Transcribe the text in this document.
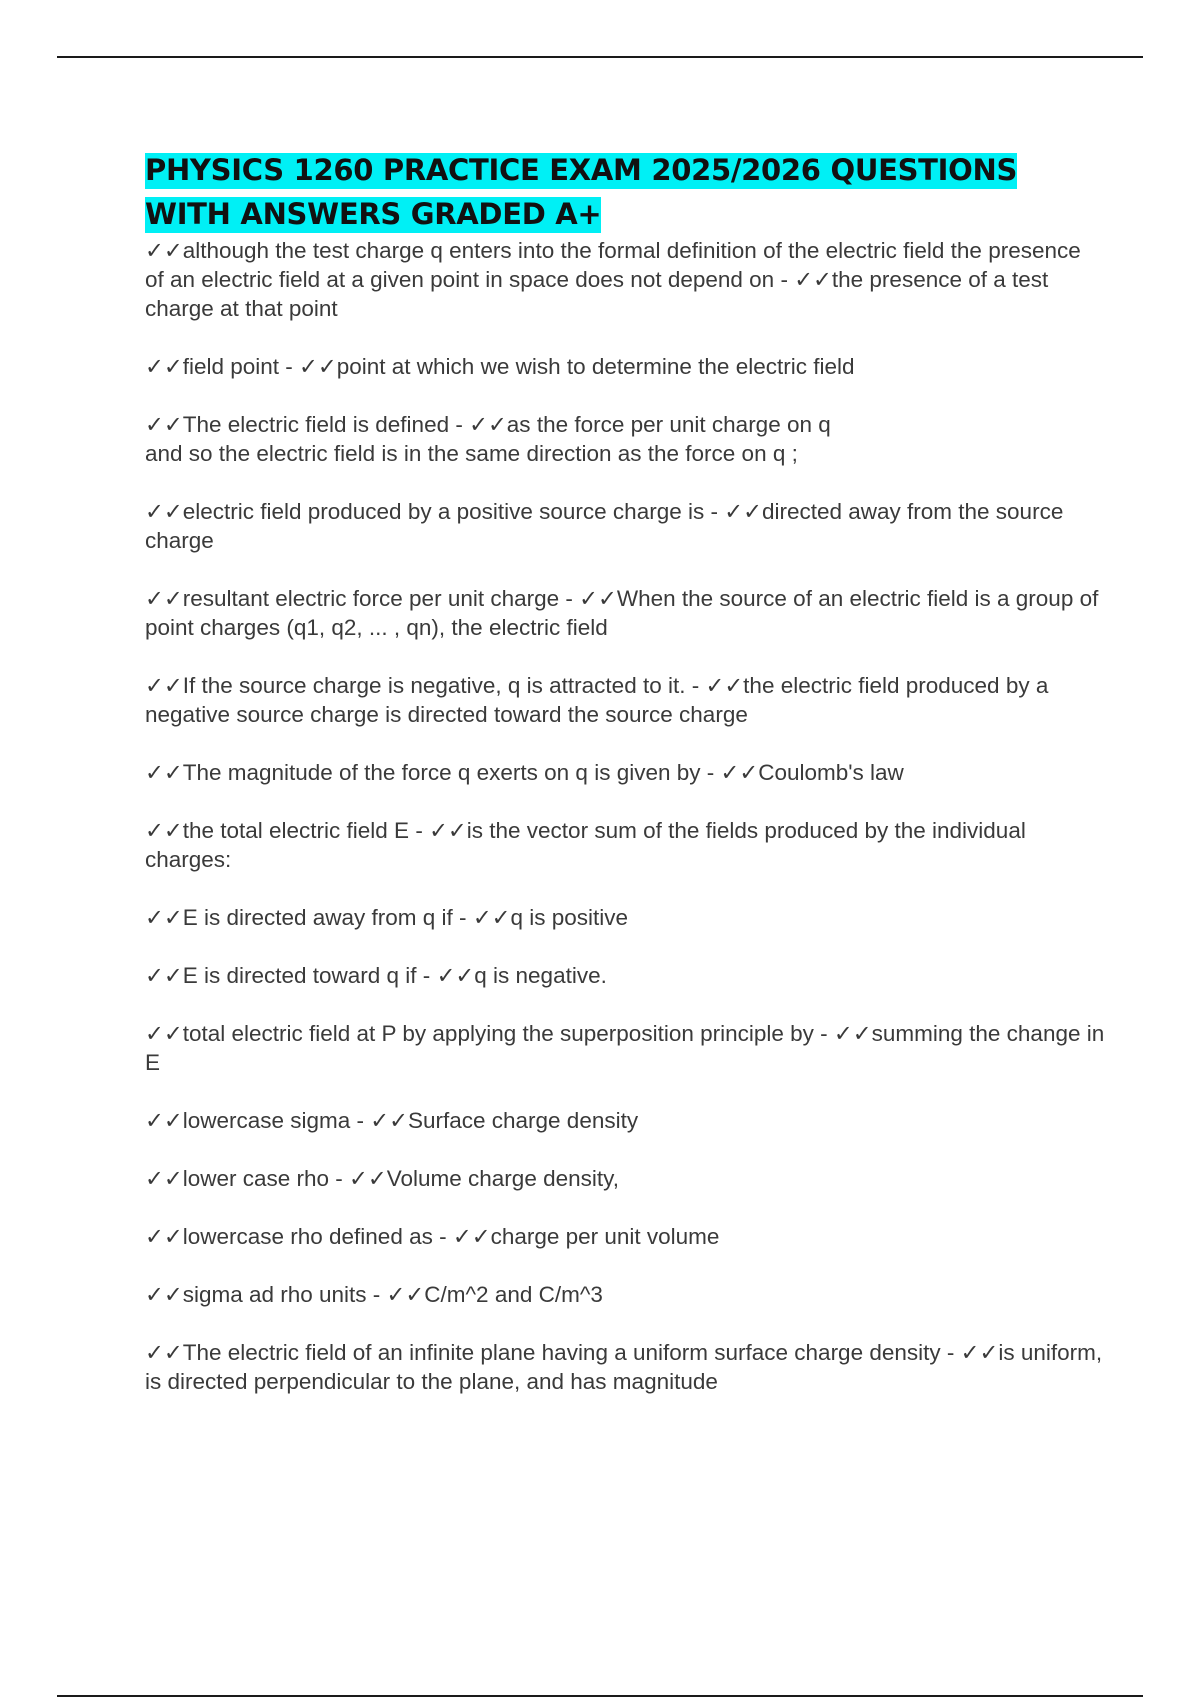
PHYSICS 1260 PRACTICE EXAM 2025/2026 QUESTIONS
WITH ANSWERS GRADED A+

✓✓although the test charge q enters into the formal definition of the electric field the presence of an electric field at a given point in space does not depend on - ✓✓the presence of a test charge at that point

✓✓field point - ✓✓point at which we wish to determine the electric field

✓✓The electric field is defined - ✓✓as the force per unit charge on q
and so the electric field is in the same direction as the force on q ;

✓✓electric field produced by a positive source charge is - ✓✓directed away from the source charge

✓✓resultant electric force per unit charge - ✓✓When the source of an electric field is a group of point charges (q1, q2, ... , qn), the electric field

✓✓If the source charge is negative, q is attracted to it. - ✓✓the electric field produced by a negative source charge is directed toward the source charge

✓✓The magnitude of the force q exerts on q is given by - ✓✓Coulomb's law

✓✓the total electric field E - ✓✓is the vector sum of the fields produced by the individual charges:

✓✓E is directed away from q if - ✓✓q is positive

✓✓E is directed toward q if - ✓✓q is negative.

✓✓total electric field at P by applying the superposition principle by - ✓✓summing the change in E

✓✓lowercase sigma - ✓✓Surface charge density

✓✓lower case rho - ✓✓Volume charge density,

✓✓lowercase rho defined as - ✓✓charge per unit volume

✓✓sigma ad rho units - ✓✓C/m^2 and C/m^3

✓✓The electric field of an infinite plane having a uniform surface charge density - ✓✓is uniform, is directed perpendicular to the plane, and has magnitude
